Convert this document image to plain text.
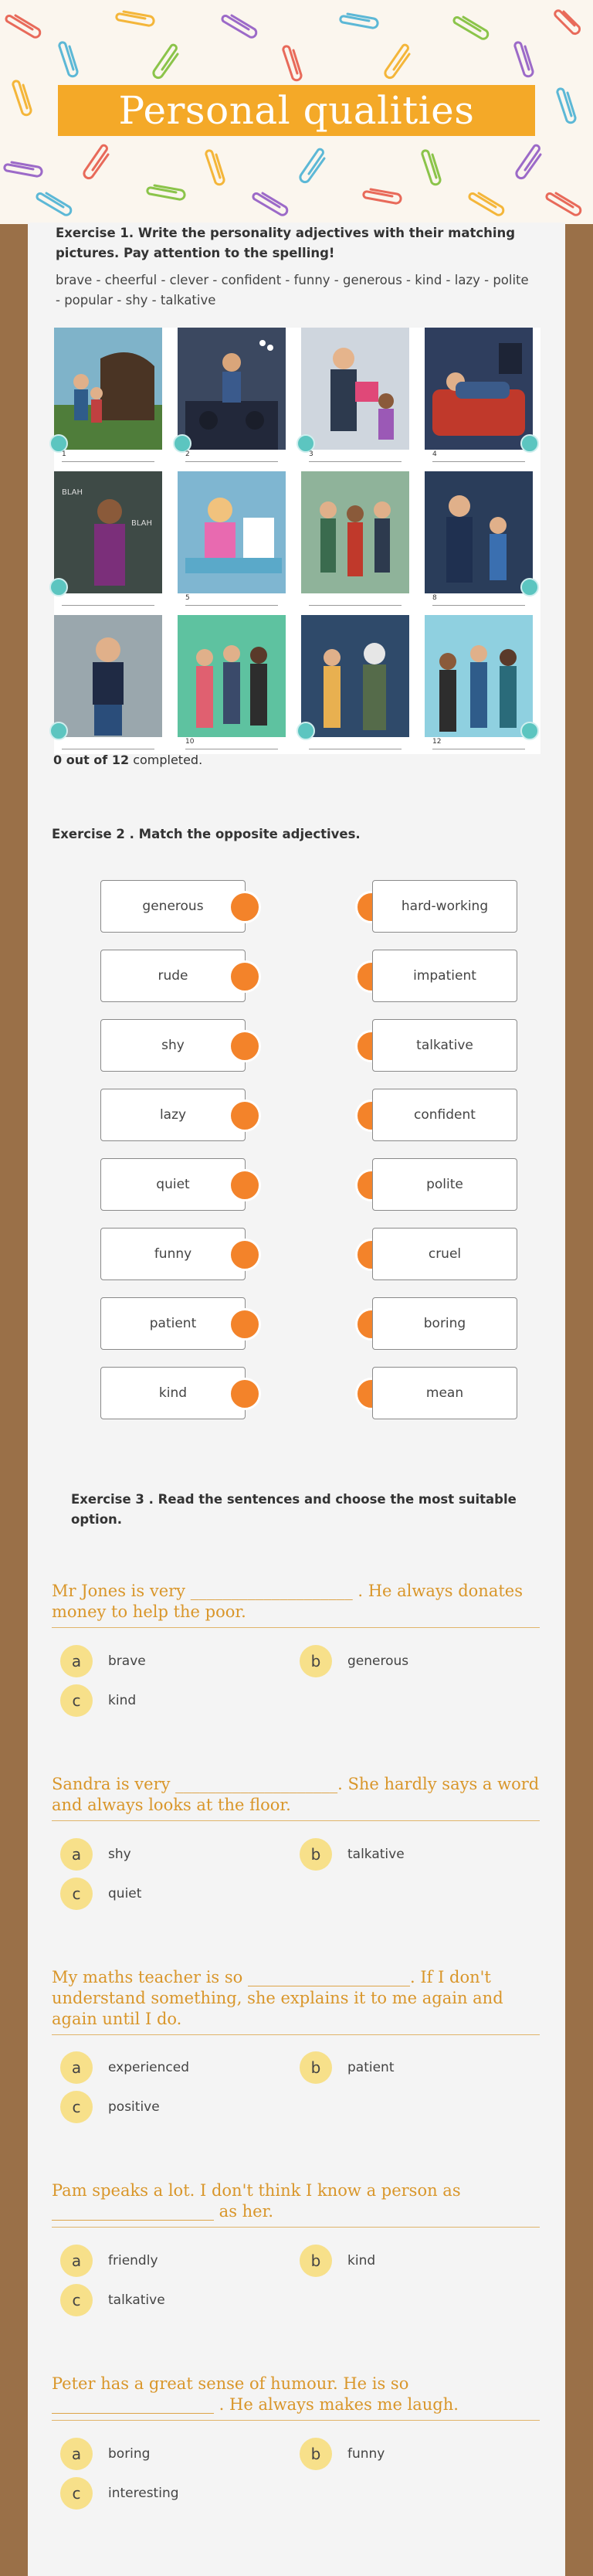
Personal qualities
Exercise 1. Write the personality adjectives with their matching pictures. Pay attention to the spelling!
brave - cheerful - clever - confident - funny - generous - kind - lazy - polite - popular - shy - talkative
1	2	3	4
BLAH
BLAH
5	8
10	12
0 out of 12 completed.
Exercise 2 . Match the opposite adjectives.
generous	hard-working
rude	impatient
shy	talkative
lazy	confident
quiet	polite
funny	cruel
patient	boring
kind	mean
Exercise 3 . Read the sentences and choose the most suitable option.
Mr Jones is very ____________________ . He always donates money to help the poor.
a	brave	b	generous
c	kind
Sandra is very ____________________. She hardly says a word and always looks at the floor.
a	shy	b	talkative
c	quiet
My maths teacher is so ____________________. If I don't understand something, she explains it to me again and again until I do.
a	experienced	b	patient
c	positive
Pam speaks a lot. I don't think I know a person as ____________________ as her.
a	friendly	b	kind
c	talkative
Peter has a great sense of humour. He is so ____________________ . He always makes me laugh.
a	boring	b	funny
c	interesting
